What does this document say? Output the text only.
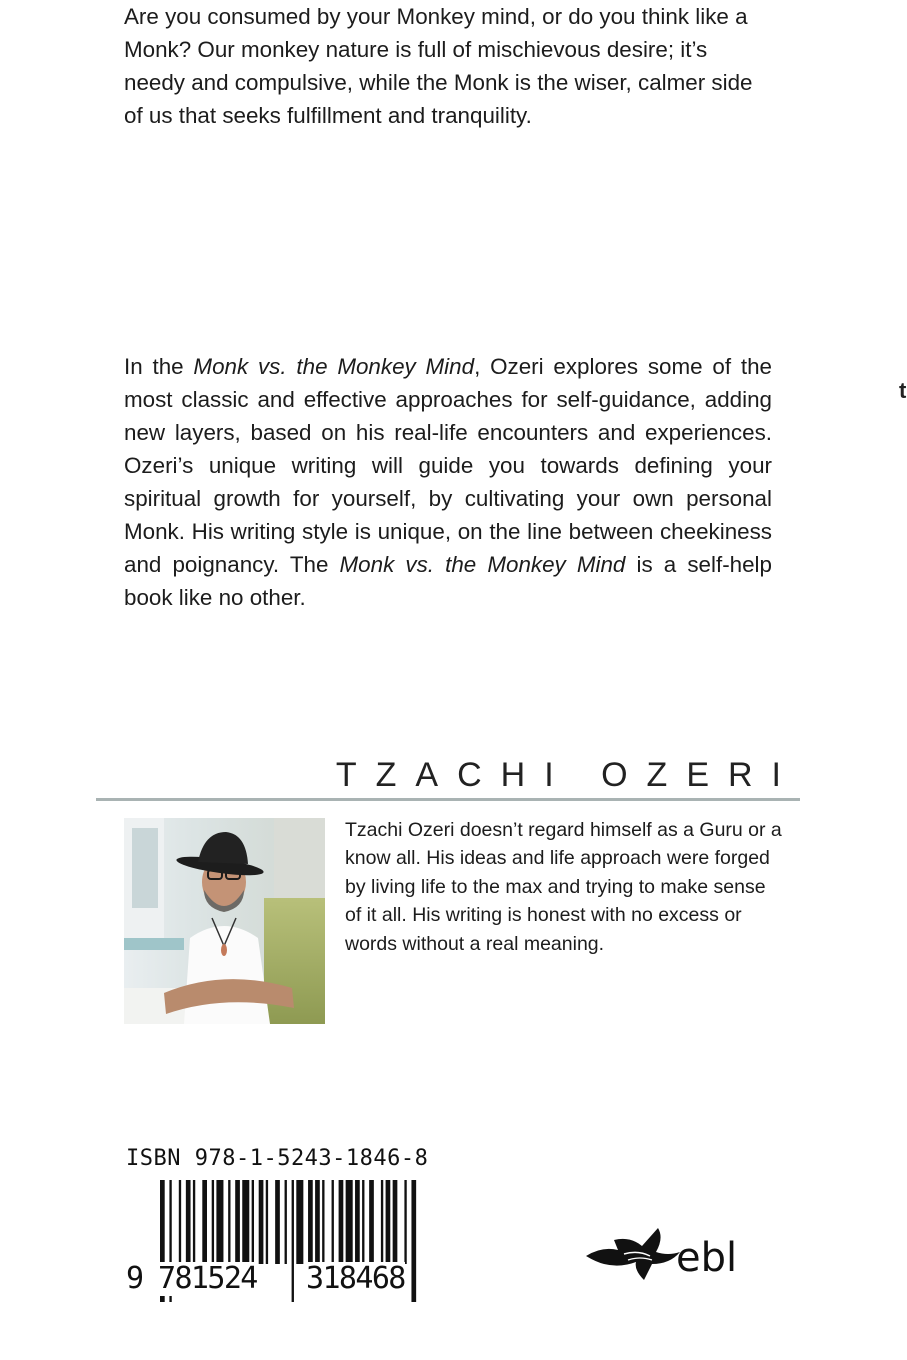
Are you consumed by your Monkey mind, or do you think like a Monk? Our monkey nature is full of mischievous desire; it’s needy and compulsive, while the Monk is the wiser, calmer side of us that seeks fulfillment and tranquility.

In the Monk vs. the Monkey Mind, Ozeri explores some of the most classic and effective approaches for self-guidance, adding new layers, based on his real-life encounters and experiences. Ozeri’s unique writing will guide you towards defining your spiritual growth for yourself, by cultivating your own personal Monk. His writing style is unique, on the line between cheekiness and poignancy. The Monk vs. the Monkey Mind is a self-help book like no other.

t
TZACHI OZERI

Tzachi Ozeri doesn’t regard himself as a Guru or a know all. His ideas and life approach were forged by living life to the max and trying to make sense of it all. His writing is honest with no excess or words without a real meaning.

ISBN 978-1-5243-1846-8
9 781524 318468	ebl
